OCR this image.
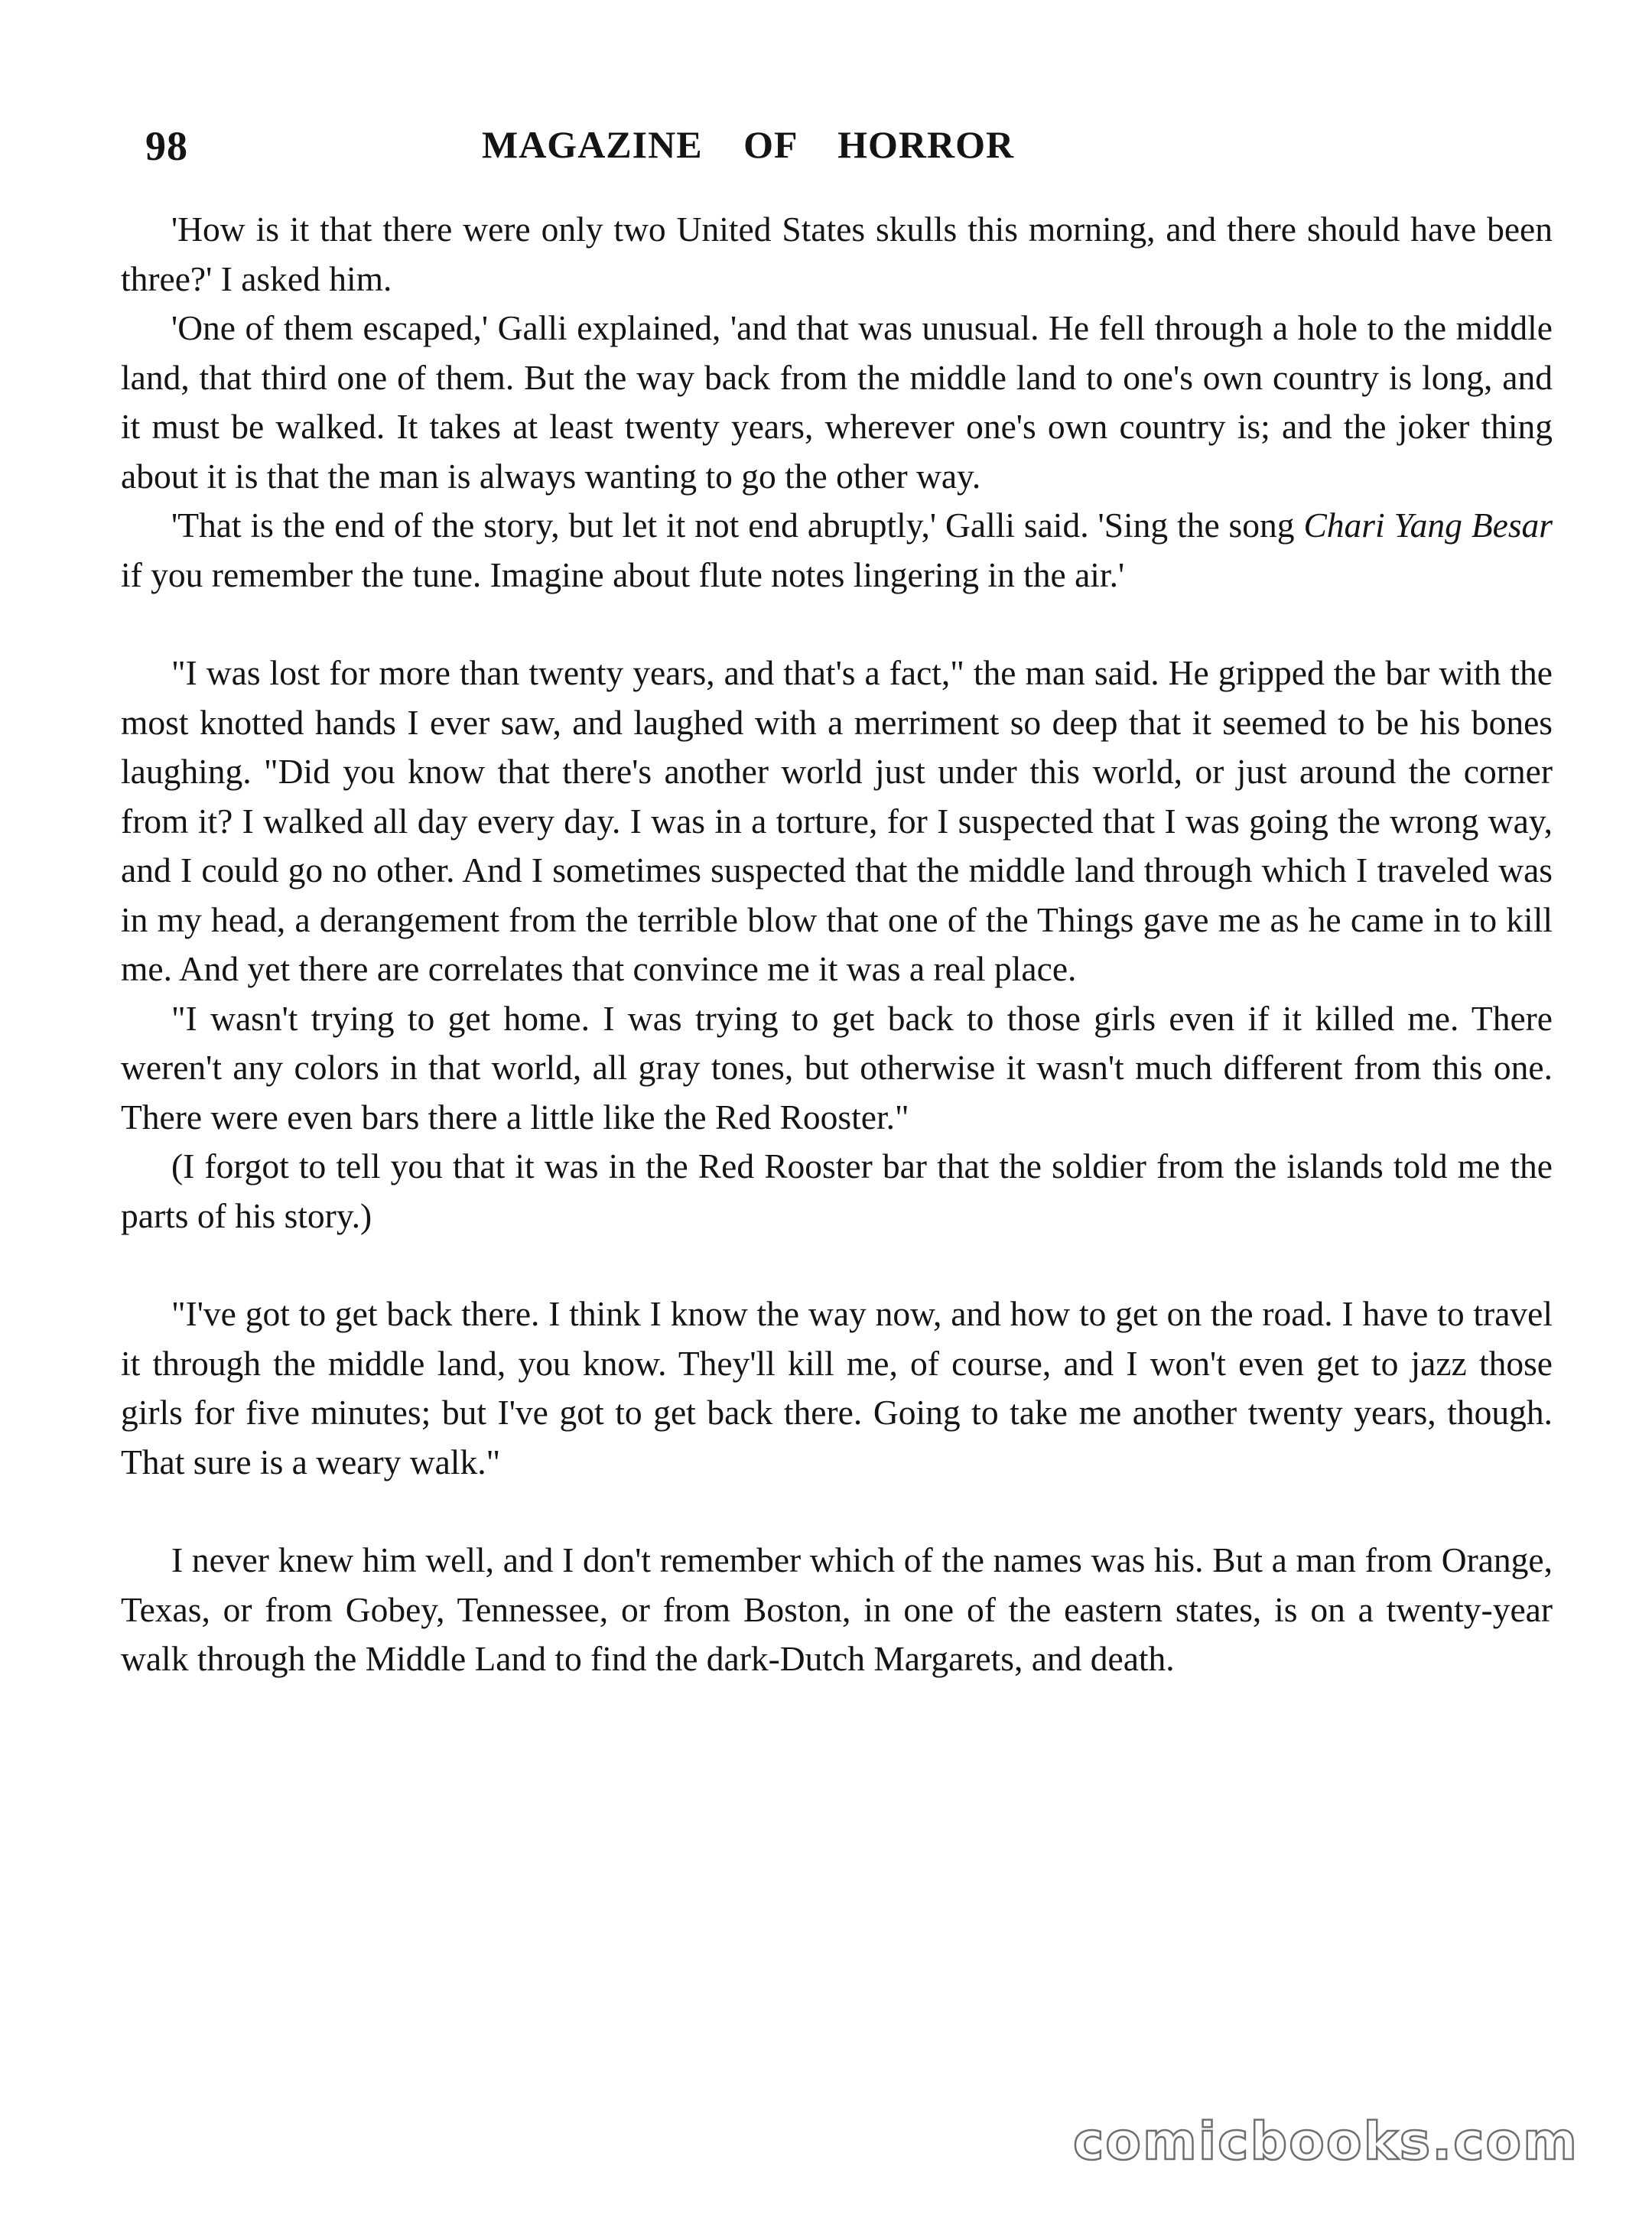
98	MAGAZINE OF HORROR

'How is it that there were only two United States skulls this morning, and there should have been three?' I asked him.

'One of them escaped,' Galli explained, 'and that was unusual. He fell through a hole to the middle land, that third one of them. But the way back from the middle land to one's own country is long, and it must be walked. It takes at least twenty years, wherever one's own country is; and the joker thing about it is that the man is always wanting to go the other way.

'That is the end of the story, but let it not end abruptly,' Galli said. 'Sing the song Chari Yang Besar if you remember the tune. Imagine about flute notes lingering in the air.'

"I was lost for more than twenty years, and that's a fact," the man said. He gripped the bar with the most knotted hands I ever saw, and laughed with a merriment so deep that it seemed to be his bones laughing. "Did you know that there's another world just under this world, or just around the corner from it? I walked all day every day. I was in a torture, for I suspected that I was going the wrong way, and I could go no other. And I sometimes suspected that the middle land through which I traveled was in my head, a derangement from the terrible blow that one of the Things gave me as he came in to kill me. And yet there are correlates that convince me it was a real place.

"I wasn't trying to get home. I was trying to get back to those girls even if it killed me. There weren't any colors in that world, all gray tones, but otherwise it wasn't much different from this one. There were even bars there a little like the Red Rooster."

(I forgot to tell you that it was in the Red Rooster bar that the soldier from the islands told me the parts of his story.)

"I've got to get back there. I think I know the way now, and how to get on the road. I have to travel it through the middle land, you know. They'll kill me, of course, and I won't even get to jazz those girls for five minutes; but I've got to get back there. Going to take me another twenty years, though. That sure is a weary walk."

I never knew him well, and I don't remember which of the names was his. But a man from Orange, Texas, or from Gobey, Tennessee, or from Boston, in one of the eastern states, is on a twenty-year walk through the Middle Land to find the dark-Dutch Margarets, and death.

comicbooks.com
